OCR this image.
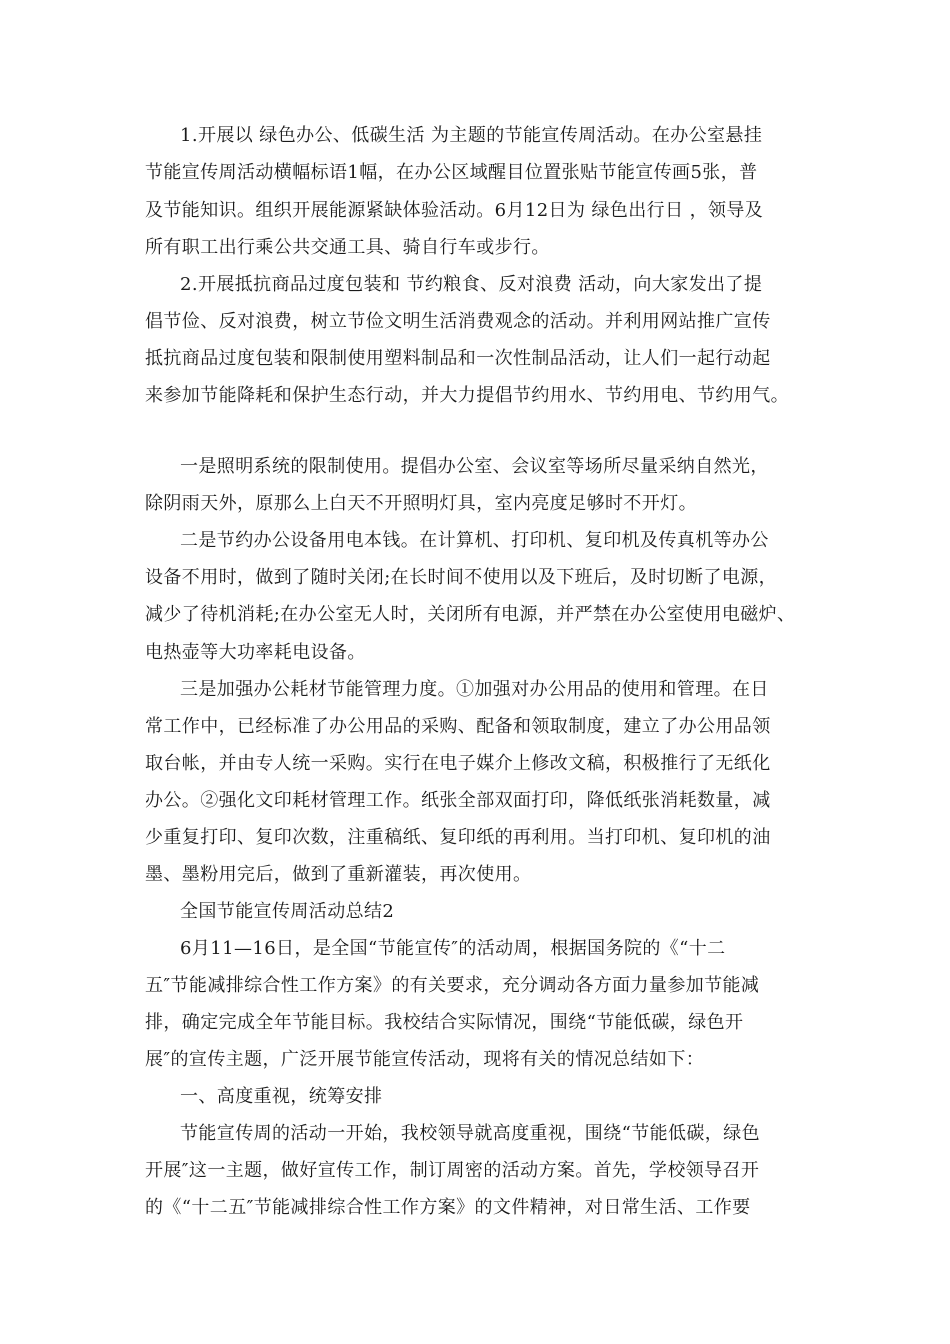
1.开展以 绿色办公、低碳生活 为主题的节能宣传周活动。在办公室悬挂
节能宣传周活动横幅标语1幅，在办公区域醒目位置张贴节能宣传画5张，普
及节能知识。组织开展能源紧缺体验活动。6月12日为 绿色出行日 ，领导及
所有职工出行乘公共交通工具、骑自行车或步行。
2.开展抵抗商品过度包装和 节约粮食、反对浪费 活动，向大家发出了提
倡节俭、反对浪费，树立节俭文明生活消费观念的活动。并利用网站推广宣传
抵抗商品过度包装和限制使用塑料制品和一次性制品活动，让人们一起行动起
来参加节能降耗和保护生态行动，并大力提倡节约用水、节约用电、节约用气。
一是照明系统的限制使用。提倡办公室、会议室等场所尽量采纳自然光，
除阴雨天外，原那么上白天不开照明灯具，室内亮度足够时不开灯。
二是节约办公设备用电本钱。在计算机、打印机、复印机及传真机等办公
设备不用时，做到了随时关闭;在长时间不使用以及下班后，及时切断了电源，
减少了待机消耗;在办公室无人时，关闭所有电源，并严禁在办公室使用电磁炉、
电热壶等大功率耗电设备。
三是加强办公耗材节能管理力度。①加强对办公用品的使用和管理。在日
常工作中，已经标准了办公用品的采购、配备和领取制度，建立了办公用品领
取台帐，并由专人统一采购。实行在电子媒介上修改文稿，积极推行了无纸化
办公。②强化文印耗材管理工作。纸张全部双面打印，降低纸张消耗数量，减
少重复打印、复印次数，注重稿纸、复印纸的再利用。当打印机、复印机的油
墨、墨粉用完后，做到了重新灌装，再次使用。
全国节能宣传周活动总结2
6月11—16日，是全国“节能宣传″的活动周，根据国务院的《“十二
五″节能减排综合性工作方案》的有关要求，充分调动各方面力量参加节能减
排，确定完成全年节能目标。我校结合实际情况，围绕“节能低碳，绿色开
展″的宣传主题，广泛开展节能宣传活动，现将有关的情况总结如下：
一、高度重视，统筹安排
节能宣传周的活动一开始，我校领导就高度重视，围绕“节能低碳，绿色
开展″这一主题，做好宣传工作，制订周密的活动方案。首先，学校领导召开
的《“十二五″节能减排综合性工作方案》的文件精神，对日常生活、工作要
